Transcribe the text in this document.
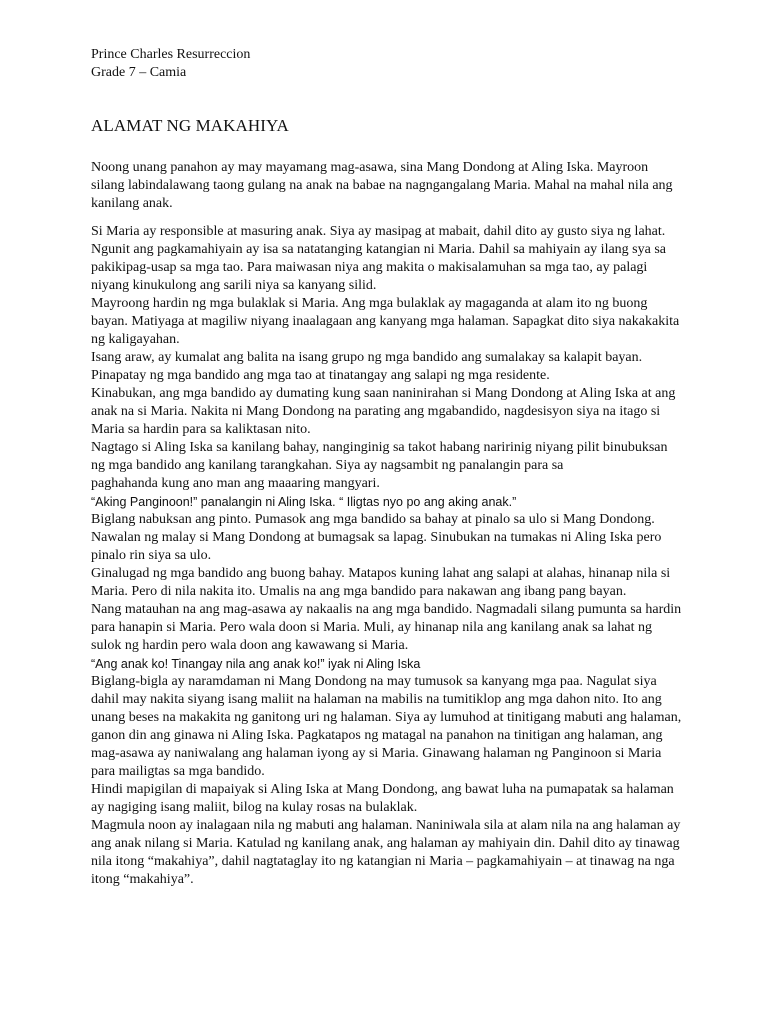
Prince Charles Resurreccion
Grade 7 – Camia
ALAMAT NG MAKAHIYA

Noong unang panahon ay may mayamang mag-asawa, sina Mang Dondong at Aling Iska. Mayroon
silang labindalawang taong gulang na anak na babae na nagngangalang Maria. Mahal na mahal nila ang
kanilang anak.

Si Maria ay responsible at masuring anak. Siya ay masipag at mabait, dahil dito ay gusto siya ng lahat.
Ngunit ang pagkamahiyain ay isa sa natatanging katangian ni Maria. Dahil sa mahiyain ay ilang sya sa
pakikipag-usap sa mga tao. Para maiwasan niya ang makita o makisalamuhan sa mga tao, ay palagi
niyang kinukulong ang sarili niya sa kanyang silid.
Mayroong hardin ng mga bulaklak si Maria. Ang mga bulaklak ay magaganda at alam ito ng buong
bayan. Matiyaga at magiliw niyang inaalagaan ang kanyang mga halaman. Sapagkat dito siya nakakakita
ng kaligayahan.
Isang araw, ay kumalat ang balita na isang grupo ng mga bandido ang sumalakay sa kalapit bayan.
Pinapatay ng mga bandido ang mga tao at tinatangay ang salapi ng mga residente.
Kinabukan, ang mga bandido ay dumating kung saan naninirahan si Mang Dondong at Aling Iska at ang
anak na si Maria. Nakita ni Mang Dondong na parating ang mgabandido, nagdesisyon siya na itago si
Maria sa hardin para sa kaliktasan nito.
Nagtago si Aling Iska sa kanilang bahay, nanginginig sa takot habang naririnig niyang pilit binubuksan
ng mga bandido ang kanilang tarangkahan. Siya ay nagsambit ng panalangin para sa
paghahanda kung ano man ang maaaring mangyari.
“Aking Panginoon!” panalangin ni Aling Iska. “ Iligtas nyo po ang aking anak.”
Biglang nabuksan ang pinto. Pumasok ang mga bandido sa bahay at pinalo sa ulo si Mang Dondong.
Nawalan ng malay si Mang Dondong at bumagsak sa lapag. Sinubukan na tumakas ni Aling Iska pero
pinalo rin siya sa ulo.
Ginalugad ng mga bandido ang buong bahay. Matapos kuning lahat ang salapi at alahas, hinanap nila si
Maria. Pero di nila nakita ito. Umalis na ang mga bandido para nakawan ang ibang pang bayan.
Nang matauhan na ang mag-asawa ay nakaalis na ang mga bandido. Nagmadali silang pumunta sa hardin
para hanapin si Maria. Pero wala doon si Maria. Muli, ay hinanap nila ang kanilang anak sa lahat ng
sulok ng hardin pero wala doon ang kawawang si Maria.
“Ang anak ko! Tinangay nila ang anak ko!” iyak ni Aling Iska
Biglang-bigla ay naramdaman ni Mang Dondong na may tumusok sa kanyang mga paa. Nagulat siya
dahil may nakita siyang isang maliit na halaman na mabilis na tumitiklop ang mga dahon nito. Ito ang
unang beses na makakita ng ganitong uri ng halaman. Siya ay lumuhod at tinitigang mabuti ang halaman,
ganon din ang ginawa ni Aling Iska. Pagkatapos ng matagal na panahon na tinitigan ang halaman, ang
mag-asawa ay naniwalang ang halaman iyong ay si Maria. Ginawang halaman ng Panginoon si Maria
para mailigtas sa mga bandido.
Hindi mapigilan di mapaiyak si Aling Iska at Mang Dondong, ang bawat luha na pumapatak sa halaman
ay nagiging isang maliit, bilog na kulay rosas na bulaklak.
Magmula noon ay inalagaan nila ng mabuti ang halaman. Naniniwala sila at alam nila na ang halaman ay
ang anak nilang si Maria. Katulad ng kanilang anak, ang halaman ay mahiyain din. Dahil dito ay tinawag
nila itong “makahiya”, dahil nagtataglay ito ng katangian ni Maria – pagkamahiyain – at tinawag na nga
itong “makahiya”.
